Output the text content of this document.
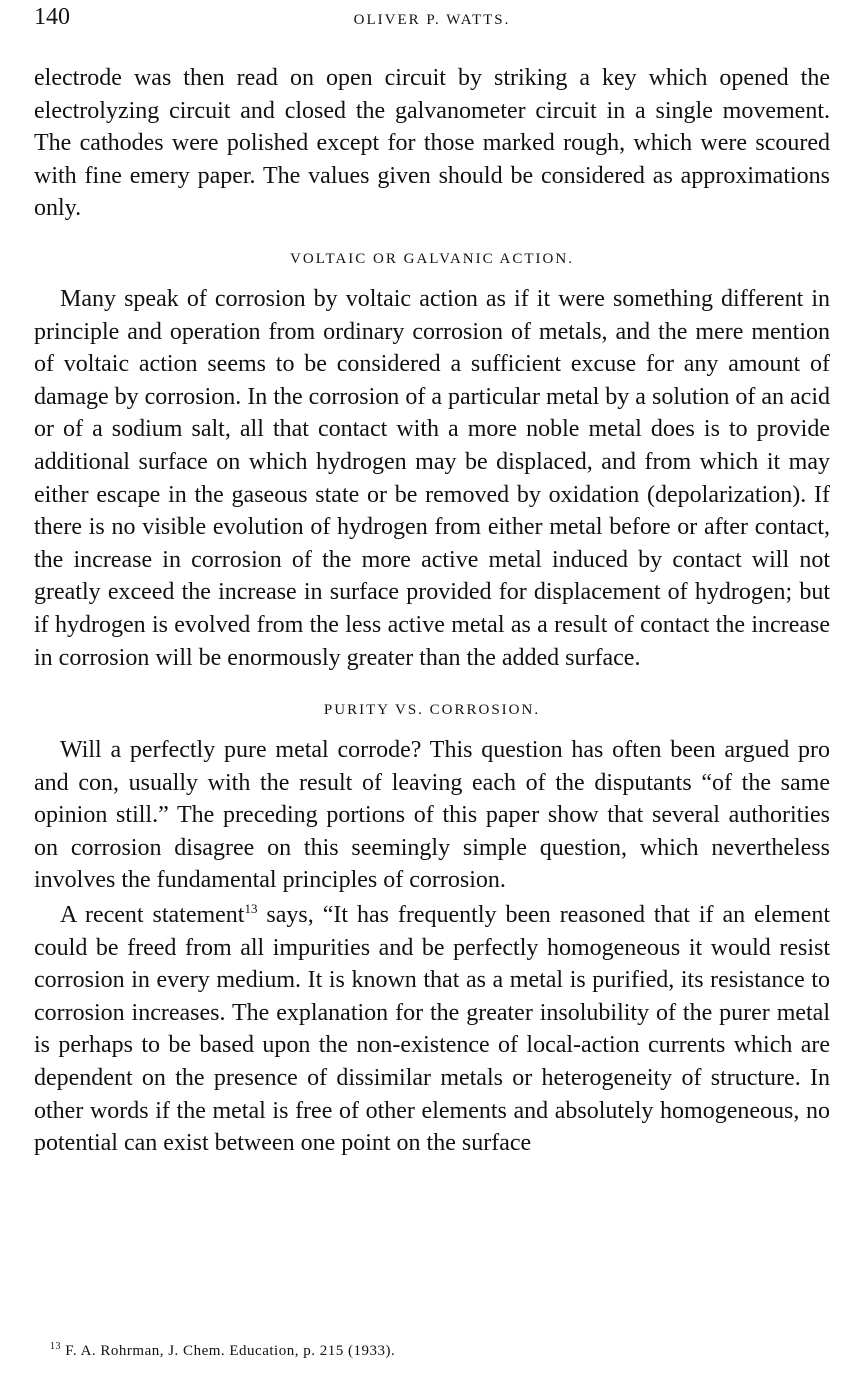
140	OLIVER P. WATTS.

electrode was then read on open circuit by striking a key which opened the electrolyzing circuit and closed the galvanometer circuit in a single movement. The cathodes were polished except for those marked rough, which were scoured with fine emery paper. The values given should be considered as approximations only.

VOLTAIC OR GALVANIC ACTION.

Many speak of corrosion by voltaic action as if it were something different in principle and operation from ordinary corrosion of metals, and the mere mention of voltaic action seems to be considered a sufficient excuse for any amount of damage by corrosion. In the corrosion of a particular metal by a solution of an acid or of a sodium salt, all that contact with a more noble metal does is to provide additional surface on which hydrogen may be displaced, and from which it may either escape in the gaseous state or be removed by oxidation (depolarization). If there is no visible evolution of hydrogen from either metal before or after contact, the increase in corrosion of the more active metal induced by contact will not greatly exceed the increase in surface provided for displacement of hydrogen; but if hydrogen is evolved from the less active metal as a result of contact the increase in corrosion will be enormously greater than the added surface.

PURITY VS. CORROSION.

Will a perfectly pure metal corrode? This question has often been argued pro and con, usually with the result of leaving each of the disputants “of the same opinion still.” The preceding portions of this paper show that several authorities on corrosion disagree on this seemingly simple question, which nevertheless involves the fundamental principles of corrosion.

A recent statement$^{13}$ says, “It has frequently been reasoned that if an element could be freed from all impurities and be perfectly homogeneous it would resist corrosion in every medium. It is known that as a metal is purified, its resistance to corrosion increases. The explanation for the greater insolubility of the purer metal is perhaps to be based upon the non-existence of local-action currents which are dependent on the presence of dissimilar metals or heterogeneity of structure. In other words if the metal is free of other elements and absolutely homogeneous, no potential can exist between one point on the surface

$^{13}$ F. A. Rohrman, J. Chem. Education, p. 215 (1933).
